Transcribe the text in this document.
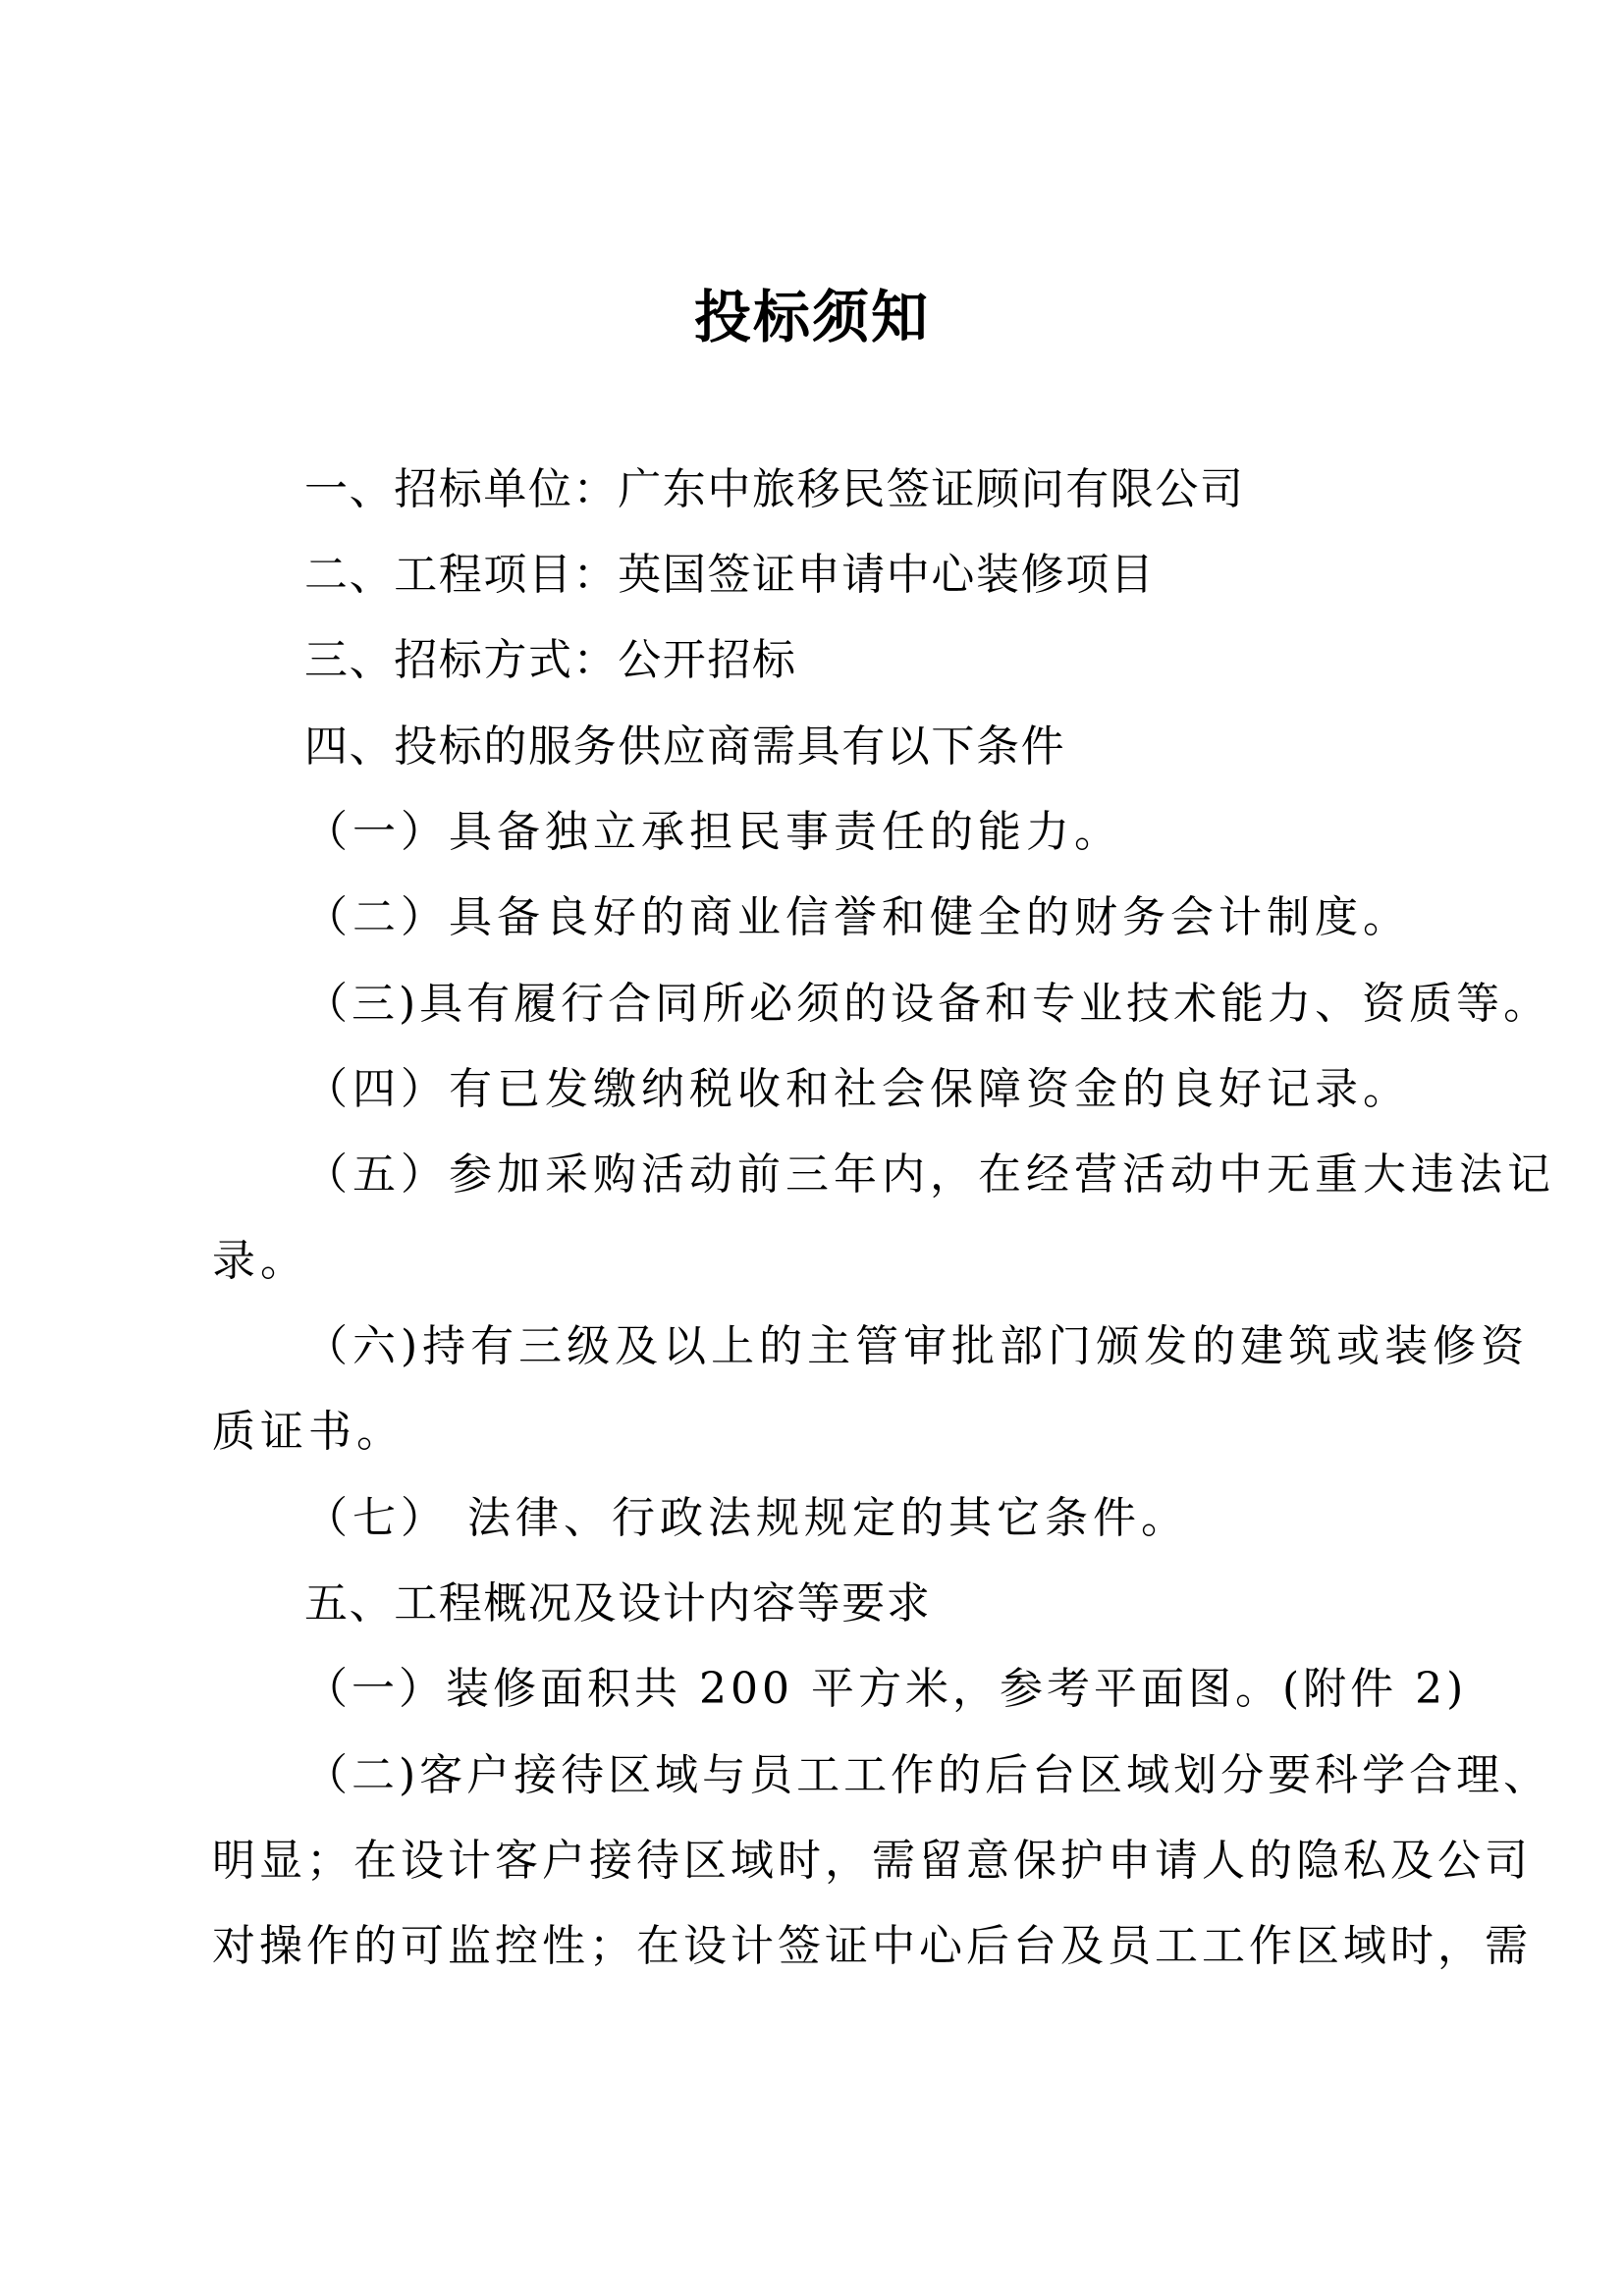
投标须知
一、招标单位：广东中旅移民签证顾问有限公司
二、工程项目：英国签证申请中心装修项目
三、招标方式：公开招标
四、投标的服务供应商需具有以下条件
（一）具备独立承担民事责任的能力。
（二）具备良好的商业信誉和健全的财务会计制度。
（三)具有履行合同所必须的设备和专业技术能力、资质等。
（四）有已发缴纳税收和社会保障资金的良好记录。
（五）参加采购活动前三年内，在经营活动中无重大违法记
录。
（六)持有三级及以上的主管审批部门颁发的建筑或装修资
质证书。
（七） 法律、行政法规规定的其它条件。
五、工程概况及设计内容等要求
（一）装修面积共 200 平方米，参考平面图。(附件 2)
（二)客户接待区域与员工工作的后台区域划分要科学合理、
明显；在设计客户接待区域时，需留意保护申请人的隐私及公司
对操作的可监控性；在设计签证中心后台及员工工作区域时，需
